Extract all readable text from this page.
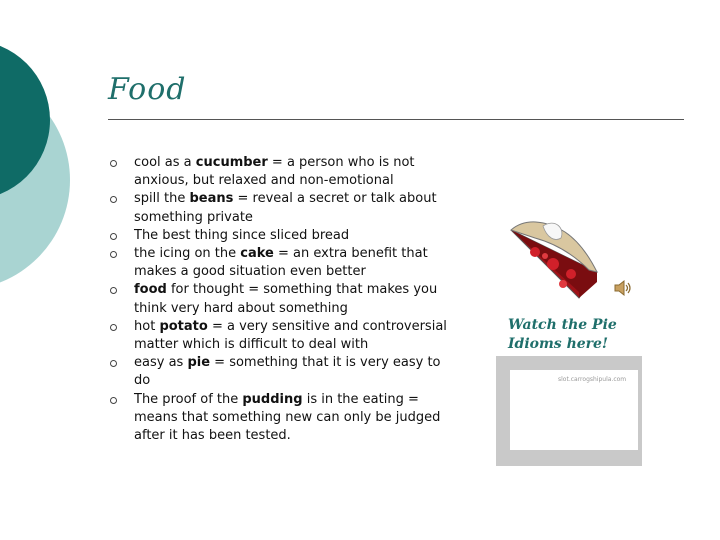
Food
cool as a cucumber = a person who is not anxious, but relaxed and non-emotional
spill the beans = reveal a secret or talk about something private
The best thing since sliced bread
the icing on the cake = an extra benefit that makes a good situation even better
food for thought = something that makes you think very hard about something
hot potato = a very sensitive and controversial matter which is difficult to deal with
easy as pie = something that it is very easy to do
The proof of the pudding is in the eating = means that something new can only be judged after it has been tested.
Watch the Pie Idioms here!
slot.carrogshipula.com
